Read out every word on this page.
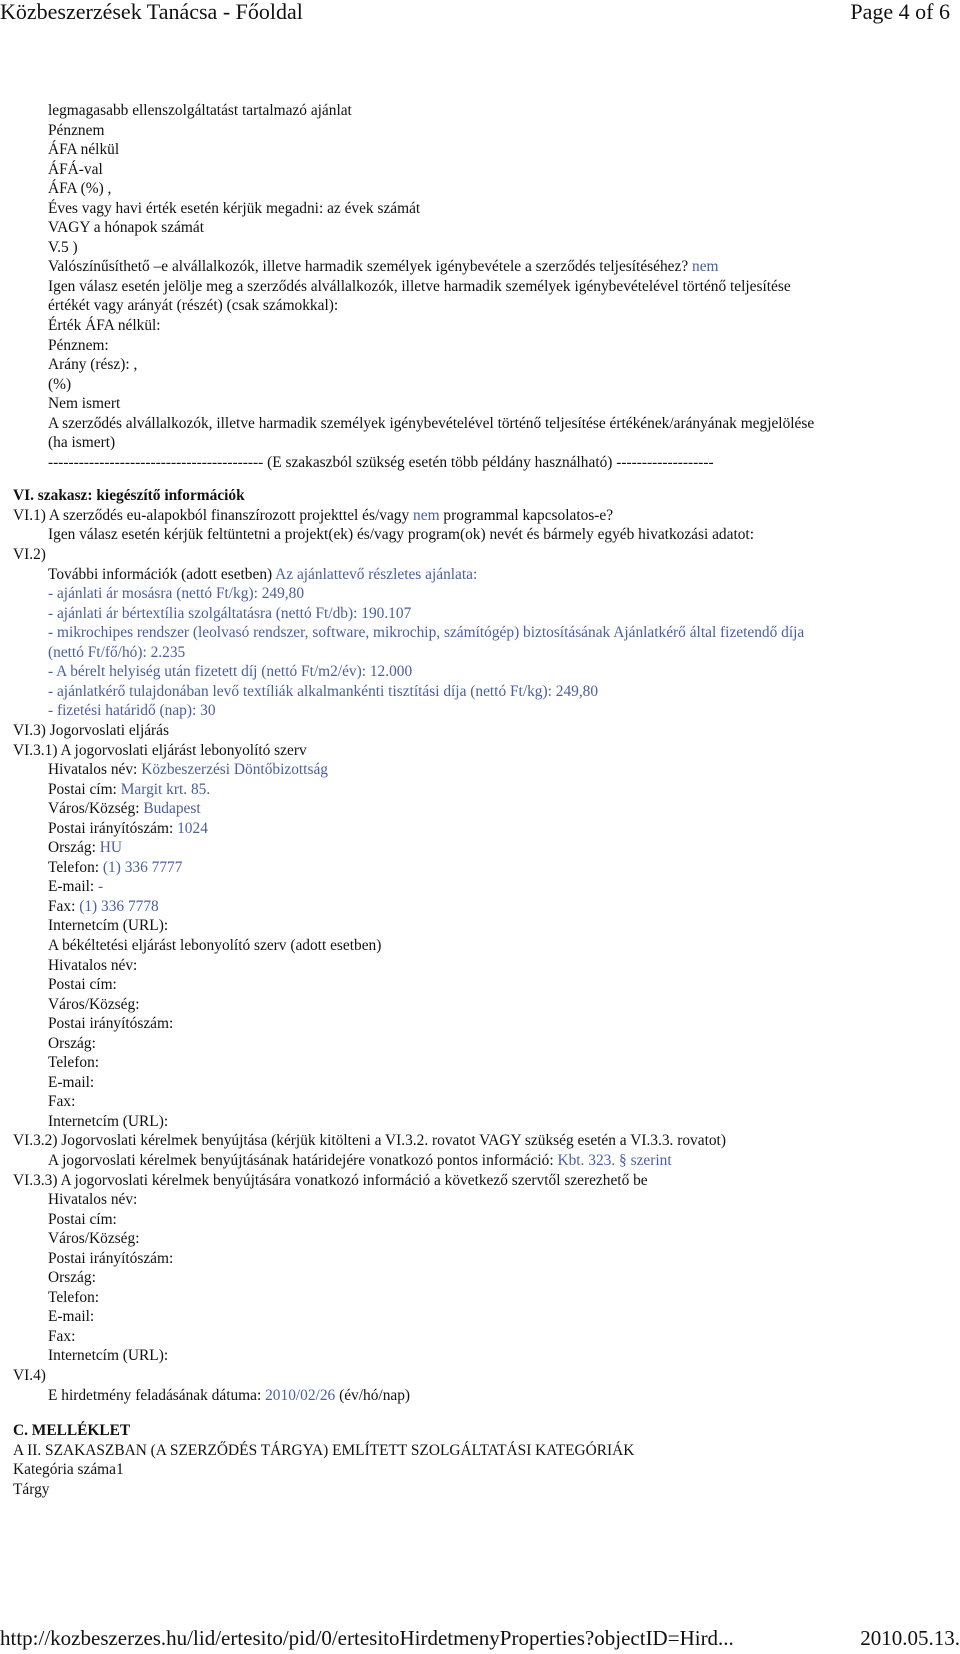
Közbeszerzések Tanácsa - Főoldal	Page 4 of 6
legmagasabb ellenszolgáltatást tartalmazó ajánlat
Pénznem
ÁFA nélkül
ÁFÁ-val
ÁFA (%) ,
Éves vagy havi érték esetén kérjük megadni: az évek számát
VAGY a hónapok számát
V.5 )
Valószínűsíthető –e alvállalkozók, illetve harmadik személyek igénybevétele a szerződés teljesítéséhez? nem
Igen válasz esetén jelölje meg a szerződés alvállalkozók, illetve harmadik személyek igénybevételével történő teljesítése
értékét vagy arányát (részét) (csak számokkal):
Érték ÁFA nélkül:
Pénznem:
Arány (rész): ,
(%)
Nem ismert
A szerződés alvállalkozók, illetve harmadik személyek igénybevételével történő teljesítése értékének/arányának megjelölése
(ha ismert)
------------------------------------------ (E szakaszból szükség esetén több példány használható) -------------------
VI. szakasz: kiegészítő információk
VI.1) A szerződés eu-alapokból finanszírozott projekttel és/vagy nem programmal kapcsolatos-e?
Igen válasz esetén kérjük feltüntetni a projekt(ek) és/vagy program(ok) nevét és bármely egyéb hivatkozási adatot:
VI.2)
További információk (adott esetben) Az ajánlattevő részletes ajánlata:
- ajánlati ár mosásra (nettó Ft/kg): 249,80
- ajánlati ár bértextília szolgáltatásra (nettó Ft/db): 190.107
- mikrochipes rendszer (leolvasó rendszer, software, mikrochip, számítógép) biztosításának Ajánlatkérő által fizetendő díja
(nettó Ft/fő/hó): 2.235
- A bérelt helyiség után fizetett díj (nettó Ft/m2/év): 12.000
- ajánlatkérő tulajdonában levő textíliák alkalmankénti tisztítási díja (nettó Ft/kg): 249,80
- fizetési határidő (nap): 30
VI.3) Jogorvoslati eljárás
VI.3.1) A jogorvoslati eljárást lebonyolító szerv
Hivatalos név: Közbeszerzési Döntőbizottság
Postai cím: Margit krt. 85.
Város/Község: Budapest
Postai irányítószám: 1024
Ország: HU
Telefon: (1) 336 7777
E-mail: -
Fax: (1) 336 7778
Internetcím (URL):
A békéltetési eljárást lebonyolító szerv (adott esetben)
Hivatalos név:
Postai cím:
Város/Község:
Postai irányítószám:
Ország:
Telefon:
E-mail:
Fax:
Internetcím (URL):
VI.3.2) Jogorvoslati kérelmek benyújtása (kérjük kitölteni a VI.3.2. rovatot VAGY szükség esetén a VI.3.3. rovatot)
A jogorvoslati kérelmek benyújtásának határidejére vonatkozó pontos információ: Kbt. 323. § szerint
VI.3.3) A jogorvoslati kérelmek benyújtására vonatkozó információ a következő szervtől szerezhető be
Hivatalos név:
Postai cím:
Város/Község:
Postai irányítószám:
Ország:
Telefon:
E-mail:
Fax:
Internetcím (URL):
VI.4)
E hirdetmény feladásának dátuma: 2010/02/26 (év/hó/nap)
C. MELLÉKLET
A II. SZAKASZBAN (A SZERZŐDÉS TÁRGYA) EMLÍTETT SZOLGÁLTATÁSI KATEGÓRIÁK
Kategória száma1
Tárgy
http://kozbeszerzes.hu/lid/ertesito/pid/0/ertesitoHirdetmenyProperties?objectID=Hird...	2010.05.13.
